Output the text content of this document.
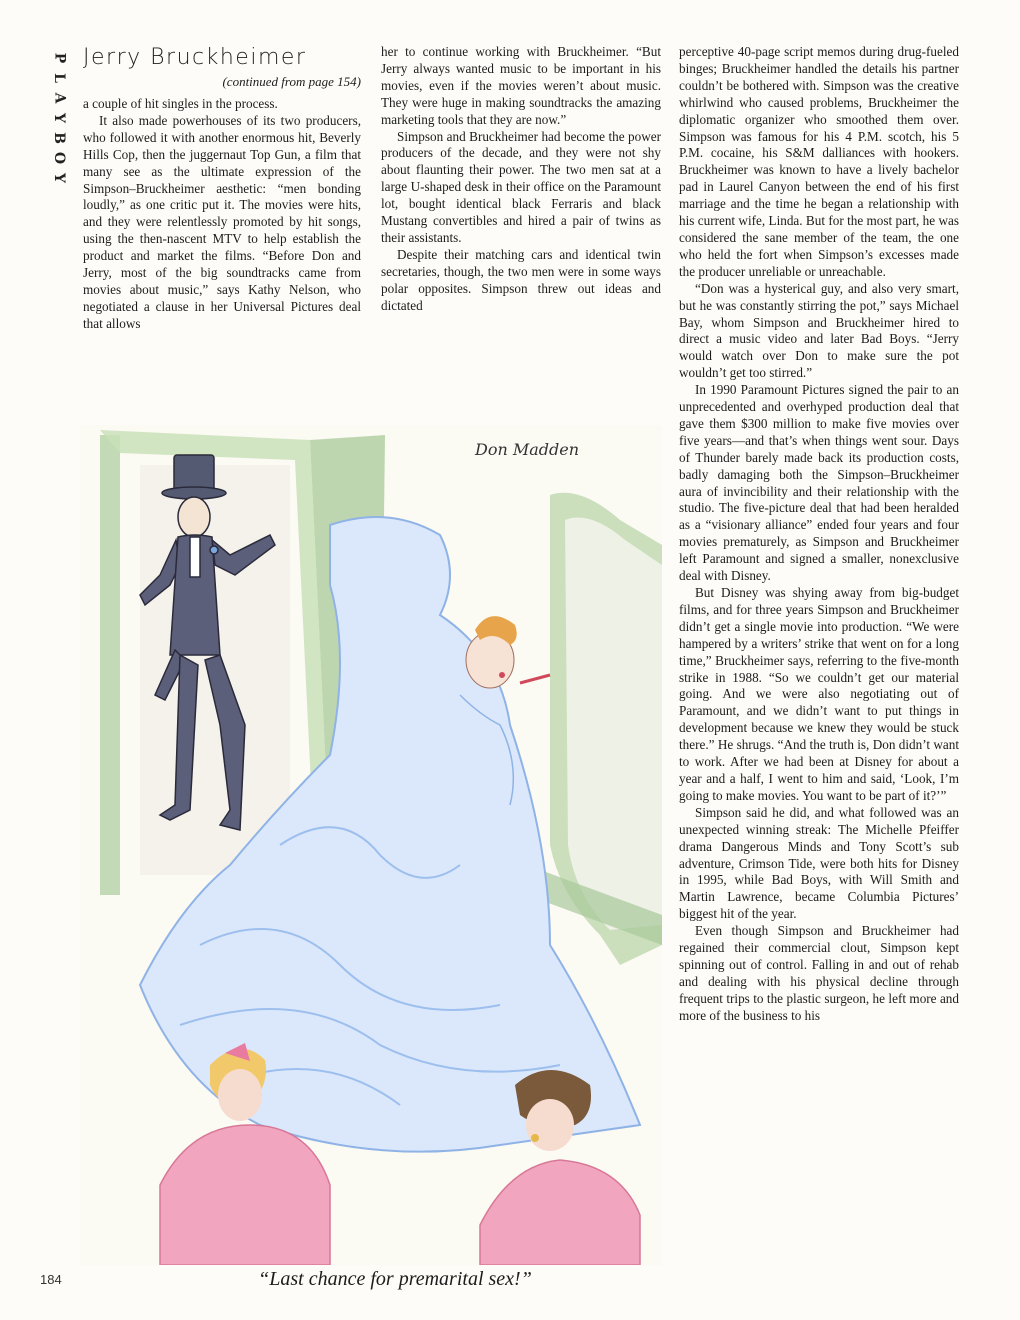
P
L
A
Y
B
O
Y
Jerry Bruckheimer
(continued from page 154)

a couple of hit singles in the process.

It also made powerhouses of its two producers, who followed it with another enormous hit, Beverly Hills Cop, then the juggernaut Top Gun, a film that many see as the ultimate expression of the Simpson–Bruckheimer aesthetic: “men bonding loudly,” as one critic put it. The movies were hits, and they were relentlessly promoted by hit songs, using the then-nascent MTV to help establish the product and market the films. “Before Don and Jerry, most of the big soundtracks came from movies about music,” says Kathy Nelson, who negotiated a clause in her Universal Pictures deal that allows

her to continue working with Bruckheimer. “But Jerry always wanted music to be important in his movies, even if the movies weren’t about music. They were huge in making soundtracks the amazing marketing tools that they are now.”

Simpson and Bruckheimer had become the power producers of the decade, and they were not shy about flaunting their power. The two men sat at a large U-shaped desk in their office on the Paramount lot, bought identical black Ferraris and black Mustang convertibles and hired a pair of twins as their assistants.

Despite their matching cars and identical twin secretaries, though, the two men were in some ways polar opposites. Simpson threw out ideas and dictated

perceptive 40-page script memos during drug-fueled binges; Bruckheimer handled the details his partner couldn’t be bothered with. Simpson was the creative whirlwind who caused problems, Bruckheimer the diplomatic organizer who smoothed them over. Simpson was famous for his 4 P.M. scotch, his 5 P.M. cocaine, his S&M dalliances with hookers. Bruckheimer was known to have a lively bachelor pad in Laurel Canyon between the end of his first marriage and the time he began a relationship with his current wife, Linda. But for the most part, he was considered the sane member of the team, the one who held the fort when Simpson’s excesses made the producer unreliable or unreachable.

“Don was a hysterical guy, and also very smart, but he was constantly stirring the pot,” says Michael Bay, whom Simpson and Bruckheimer hired to direct a music video and later Bad Boys. “Jerry would watch over Don to make sure the pot wouldn’t get too stirred.”

In 1990 Paramount Pictures signed the pair to an unprecedented and overhyped production deal that gave them $300 million to make five movies over five years—and that’s when things went sour. Days of Thunder barely made back its production costs, badly damaging both the Simpson–Bruckheimer aura of invincibility and their relationship with the studio. The five-picture deal that had been heralded as a “visionary alliance” ended four years and four movies prematurely, as Simpson and Bruckheimer left Paramount and signed a smaller, nonexclusive deal with Disney.

But Disney was shying away from big-budget films, and for three years Simpson and Bruckheimer didn’t get a single movie into production. “We were hampered by a writers’ strike that went on for a long time,” Bruckheimer says, referring to the five-month strike in 1988. “So we couldn’t get our material going. And we were also negotiating out of Paramount, and we didn’t want to put things in development because we knew they would be stuck there.” He shrugs. “And the truth is, Don didn’t want to work. After we had been at Disney for about a year and a half, I went to him and said, ‘Look, I’m going to make movies. You want to be part of it?’”

Simpson said he did, and what followed was an unexpected winning streak: The Michelle Pfeiffer drama Dangerous Minds and Tony Scott’s sub adventure, Crimson Tide, were both hits for Disney in 1995, while Bad Boys, with Will Smith and Martin Lawrence, became Columbia Pictures’ biggest hit of the year.

Even though Simpson and Bruckheimer had regained their commercial clout, Simpson kept spinning out of control. Falling in and out of rehab and dealing with his physical decline through frequent trips to the plastic surgeon, he left more and more of the business to his

Don Madden
“Last chance for premarital sex!”
184
